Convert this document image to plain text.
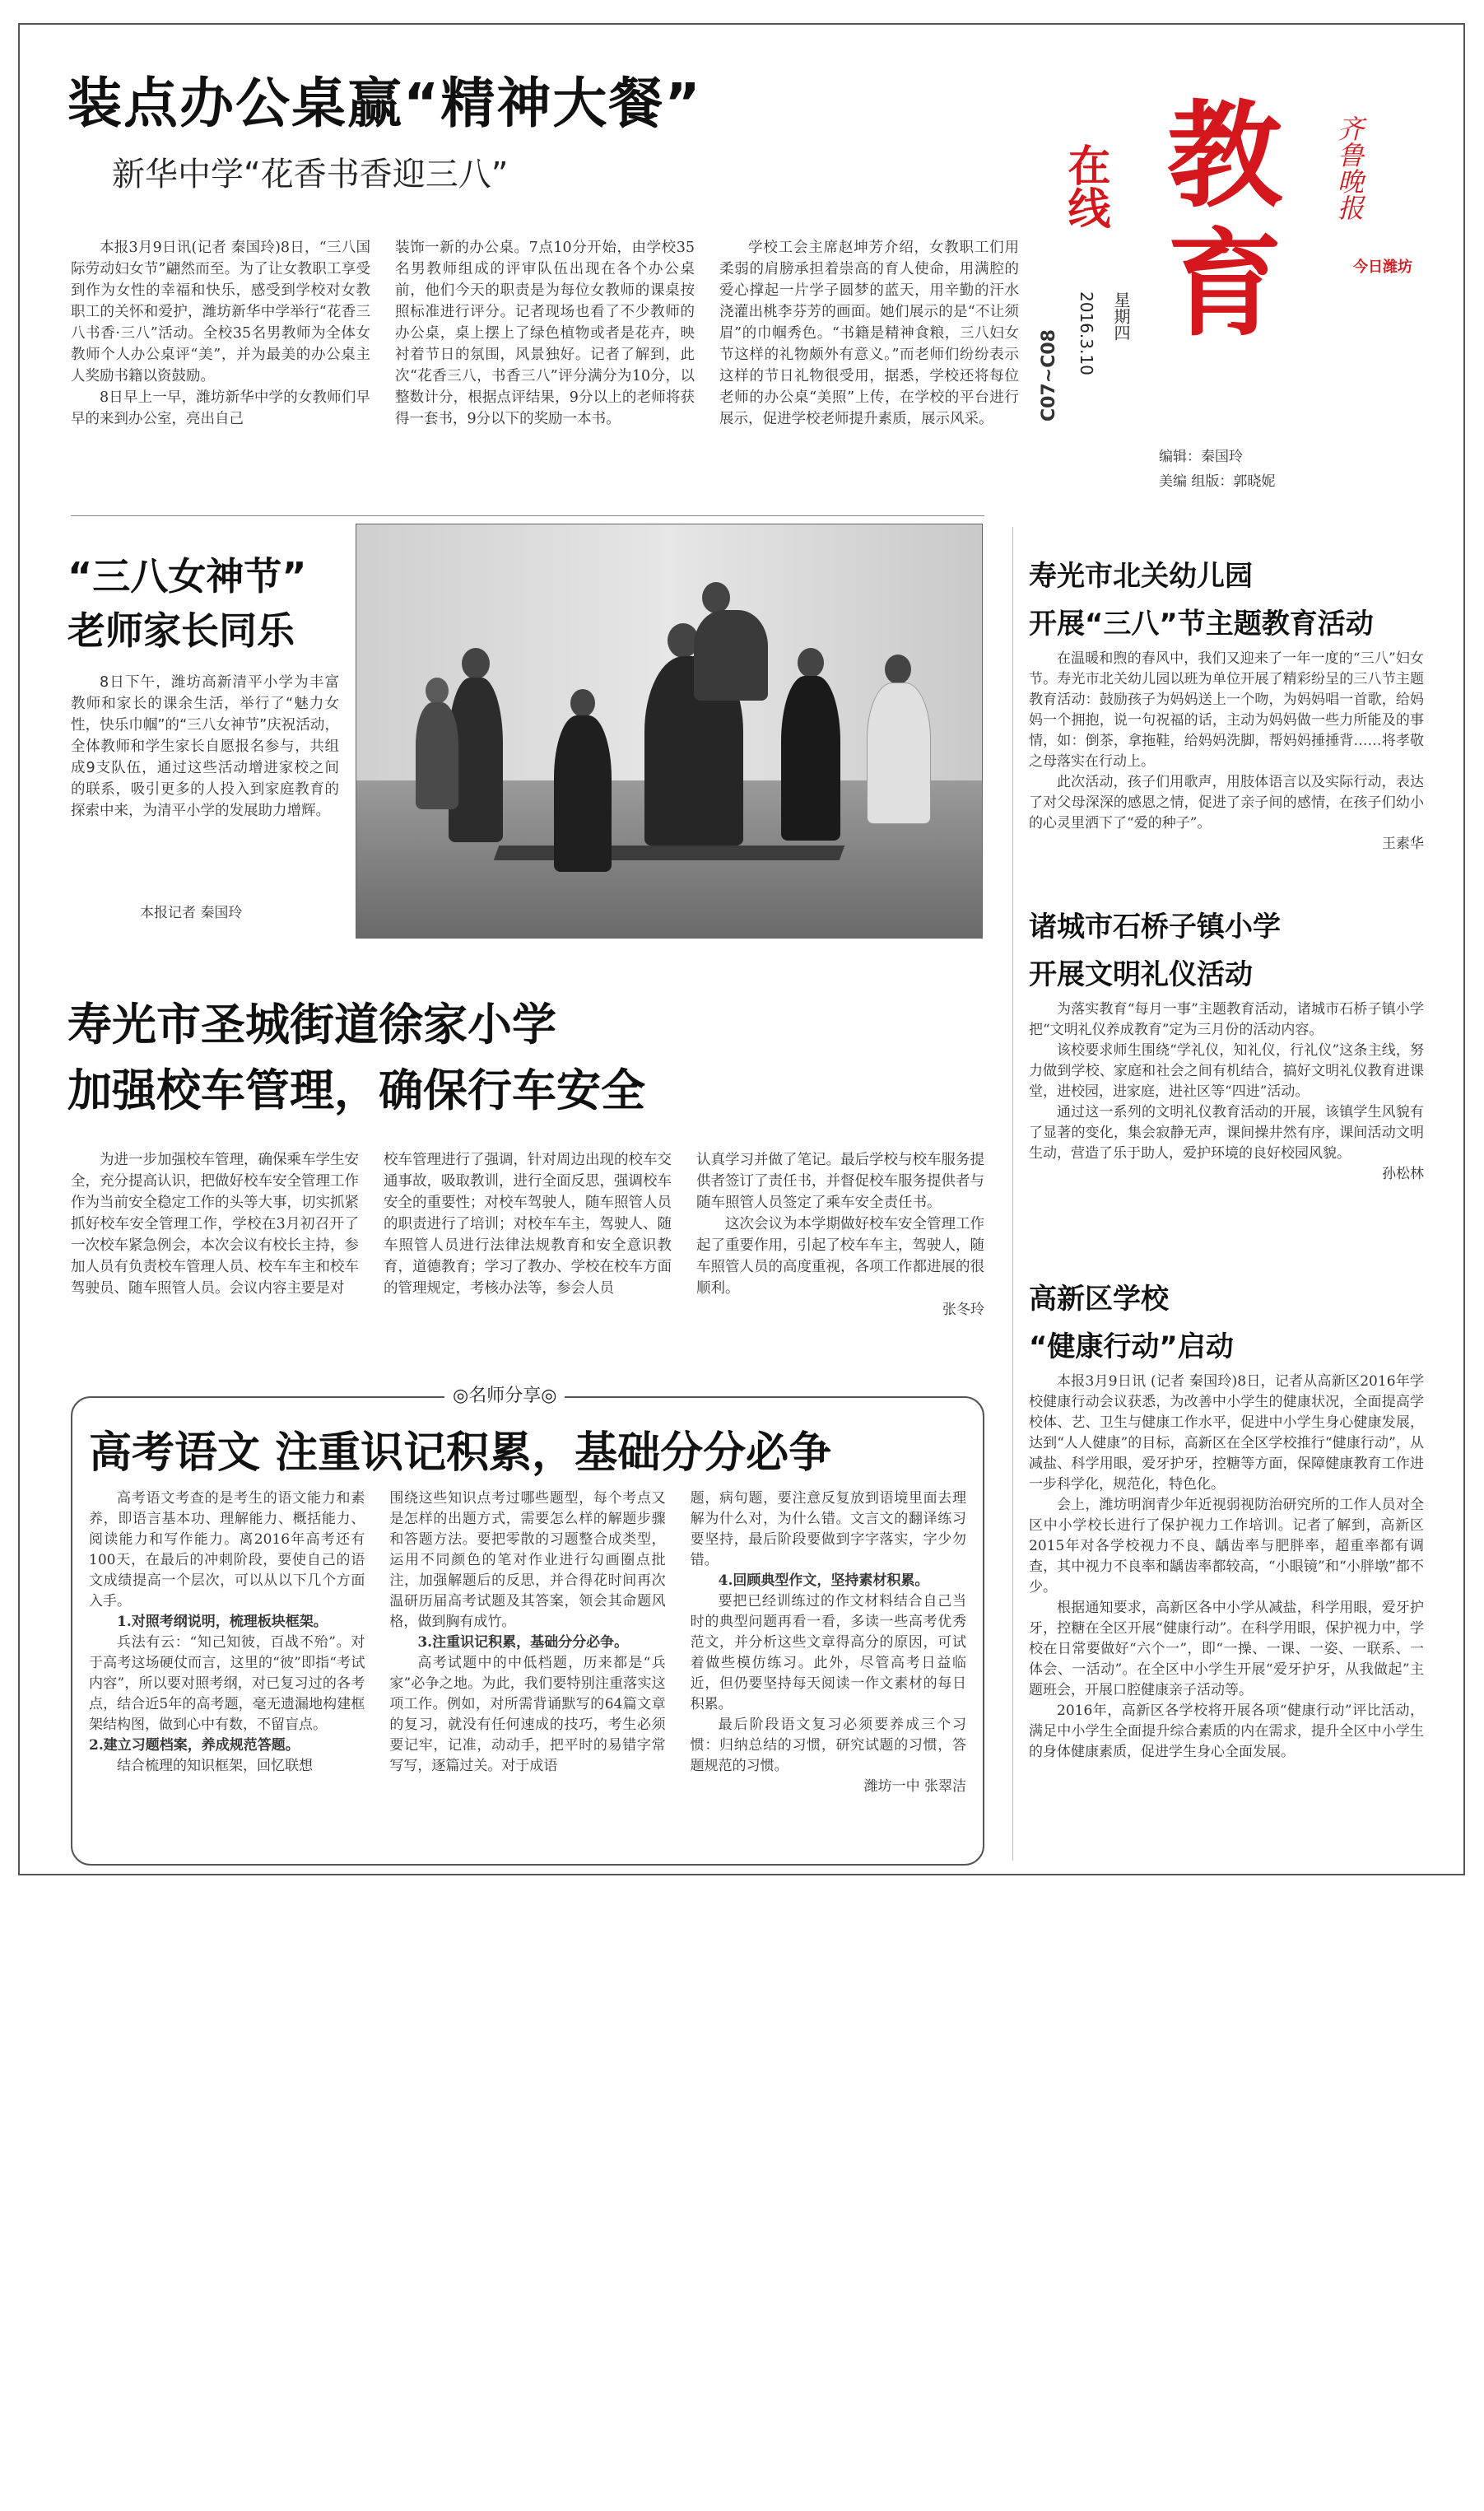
装点办公桌赢“精神大餐”
新华中学“花香书香迎三八”

本报3月9日讯(记者 秦国玲)8日，“三八国际劳动妇女节”翩然而至。为了让女教职工享受到作为女性的幸福和快乐，感受到学校对女教职工的关怀和爱护，潍坊新华中学举行“花香三八书香·三八”活动。全校35名男教师为全体女教师个人办公桌评“美”，并为最美的办公桌主人奖励书籍以资鼓励。

8日早上一早，潍坊新华中学的女教师们早早的来到办公室，亮出自己

装饰一新的办公桌。7点10分开始，由学校35名男教师组成的评审队伍出现在各个办公桌前，他们今天的职责是为每位女教师的课桌按照标准进行评分。记者现场也看了不少教师的办公桌，桌上摆上了绿色植物或者是花卉，映衬着节日的氛围，风景独好。记者了解到，此次“花香三八，书香三八”评分满分为10分，以整数计分，根据点评结果，9分以上的老师将获得一套书，9分以下的奖励一本书。

学校工会主席赵坤芳介绍，女教职工们用柔弱的肩膀承担着崇高的育人使命，用满腔的爱心撑起一片学子圆梦的蓝天，用辛勤的汗水浇灌出桃李芬芳的画面。她们展示的是“不让须眉”的巾帼秀色。“书籍是精神食粮，三八妇女节这样的礼物颇外有意义。”而老师们纷纷表示这样的节日礼物很受用，据悉，学校还将每位老师的办公桌“美照”上传，在学校的平台进行展示，促进学校老师提升素质，展示风采。

教
育
在线	齐鲁晚报
今日潍坊
2016.3.10 星期四
C07~C08
编辑：秦国玲
美编 组版：郭晓妮
“三八女神节”
老师家长同乐
8日下午，潍坊高新清平小学为丰富教师和家长的课余生活，举行了“魅力女性，快乐巾帼”的“三八女神节”庆祝活动，全体教师和学生家长自愿报名参与，共组成9支队伍，通过这些活动增进家校之间的联系，吸引更多的人投入到家庭教育的探索中来，为清平小学的发展助力增辉。
本报记者 秦国玲
寿光市圣城街道徐家小学
加强校车管理，确保行车安全

为进一步加强校车管理，确保乘车学生安全，充分提高认识，把做好校车安全管理工作作为当前安全稳定工作的头等大事，切实抓紧抓好校车安全管理工作，学校在3月初召开了一次校车紧急例会，本次会议有校长主持，参加人员有负责校车管理人员、校车车主和校车驾驶员、随车照管人员。会议内容主要是对

校车管理进行了强调，针对周边出现的校车交通事故，吸取教训，进行全面反思，强调校车安全的重要性；对校车驾驶人，随车照管人员的职责进行了培训；对校车车主，驾驶人、随车照管人员进行法律法规教育和安全意识教育，道德教育；学习了教办、学校在校车方面的管理规定，考核办法等，参会人员

认真学习并做了笔记。最后学校与校车服务提供者签订了责任书，并督促校车服务提供者与随车照管人员签定了乘车安全责任书。

这次会议为本学期做好校车安全管理工作起了重要作用，引起了校车车主，驾驶人，随车照管人员的高度重视，各项工作都进展的很顺利。

张冬玲
◎名师分享◎
高考语文 注重识记积累，基础分分必争

高考语文考查的是考生的语文能力和素养，即语言基本功、理解能力、概括能力、阅读能力和写作能力。离2016年高考还有100天，在最后的冲刺阶段，要使自己的语文成绩提高一个层次，可以从以下几个方面入手。

1.对照考纲说明，梳理板块框架。

兵法有云：“知己知彼，百战不殆”。对于高考这场硬仗而言，这里的“彼”即指“考试内容”，所以要对照考纲，对已复习过的各考点，结合近5年的高考题，毫无遗漏地构建框架结构图，做到心中有数，不留盲点。

2.建立习题档案，养成规范答题。

结合梳理的知识框架，回忆联想

围绕这些知识点考过哪些题型，每个考点又是怎样的出题方式，需要怎么样的解题步骤和答题方法。要把零散的习题整合成类型，运用不同颜色的笔对作业进行勾画圈点批注，加强解题后的反思，并合得花时间再次温研历届高考试题及其答案，领会其命题风格，做到胸有成竹。

3.注重识记积累，基础分分必争。

高考试题中的中低档题，历来都是“兵家”必争之地。为此，我们要特别注重落实这项工作。例如，对所需背诵默写的64篇文章的复习，就没有任何速成的技巧，考生必须要记牢，记准，动动手，把平时的易错字常写写，逐篇过关。对于成语

题，病句题，要注意反复放到语境里面去理解为什么对，为什么错。文言文的翻译练习要坚持，最后阶段要做到字字落实，字少勿错。

4.回顾典型作文，坚持素材积累。

要把已经训练过的作文材料结合自己当时的典型问题再看一看，多读一些高考优秀范文，并分析这些文章得高分的原因，可试着做些模仿练习。此外，尽管高考日益临近，但仍要坚持每天阅读一作文素材的每日积累。

最后阶段语文复习必须要养成三个习惯：归纳总结的习惯，研究试题的习惯，答题规范的习惯。

潍坊一中 张翠洁
寿光市北关幼儿园
开展“三八”节主题教育活动

在温暖和煦的春风中，我们又迎来了一年一度的“三八”妇女节。寿光市北关幼儿园以班为单位开展了精彩纷呈的三八节主题教育活动：鼓励孩子为妈妈送上一个吻，为妈妈唱一首歌，给妈妈一个拥抱，说一句祝福的话，主动为妈妈做一些力所能及的事情，如：倒茶，拿拖鞋，给妈妈洗脚，帮妈妈捶捶背……将孝敬之母落实在行动上。

此次活动，孩子们用歌声，用肢体语言以及实际行动，表达了对父母深深的感恩之情，促进了亲子间的感情，在孩子们幼小的心灵里洒下了“爱的种子”。

王素华
诸城市石桥子镇小学
开展文明礼仪活动

为落实教育“每月一事”主题教育活动，诸城市石桥子镇小学把“文明礼仪养成教育”定为三月份的活动内容。

该校要求师生围绕“学礼仪，知礼仪，行礼仪”这条主线，努力做到学校、家庭和社会之间有机结合，搞好文明礼仪教育进课堂，进校园，进家庭，进社区等“四进”活动。

通过这一系列的文明礼仪教育活动的开展，该镇学生风貌有了显著的变化，集会寂静无声，课间操井然有序，课间活动文明生动，营造了乐于助人，爱护环境的良好校园风貌。

孙松林
高新区学校
“健康行动”启动

本报3月9日讯 (记者 秦国玲)8日，记者从高新区2016年学校健康行动会议获悉，为改善中小学生的健康状况，全面提高学校体、艺、卫生与健康工作水平，促进中小学生身心健康发展，达到“人人健康”的目标，高新区在全区学校推行“健康行动”，从减盐、科学用眼，爱牙护牙，控糖等方面，保障健康教育工作进一步科学化，规范化，特色化。

会上，潍坊明润青少年近视弱视防治研究所的工作人员对全区中小学校长进行了保护视力工作培训。记者了解到，高新区2015年对各学校视力不良、龋齿率与肥胖率，超重率都有调查，其中视力不良率和龋齿率都较高，“小眼镜”和“小胖墩”都不少。

根据通知要求，高新区各中小学从减盐，科学用眼，爱牙护牙，控糖在全区开展“健康行动”。在科学用眼，保护视力中，学校在日常要做好“六个一”，即“一操、一课、一姿、一联系、一体会、一活动”。在全区中小学生开展“爱牙护牙，从我做起”主题班会，开展口腔健康亲子活动等。

2016年，高新区各学校将开展各项“健康行动”评比活动，满足中小学生全面提升综合素质的内在需求，提升全区中小学生的身体健康素质，促进学生身心全面发展。
